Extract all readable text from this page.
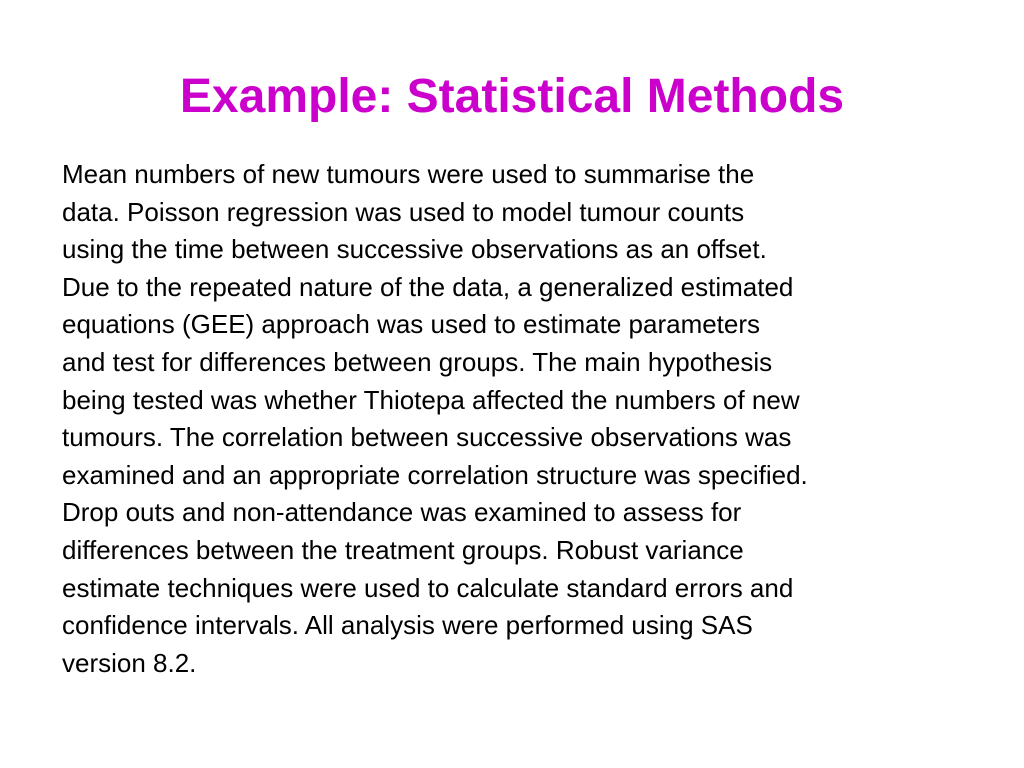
Example: Statistical Methods
Mean numbers of new tumours were used to summarise the
data. Poisson regression was used to model tumour counts
using the time between successive observations as an offset.
Due to the repeated nature of the data, a generalized estimated
equations (GEE) approach was used to estimate parameters
and test for differences between groups. The main hypothesis
being tested was whether Thiotepa affected the numbers of new
tumours. The correlation between successive observations was
examined and an appropriate correlation structure was specified.
Drop outs and non-attendance was examined to assess for
differences between the treatment groups. Robust variance
estimate techniques were used to calculate standard errors and
confidence intervals. All analysis were performed using SAS
version 8.2.
